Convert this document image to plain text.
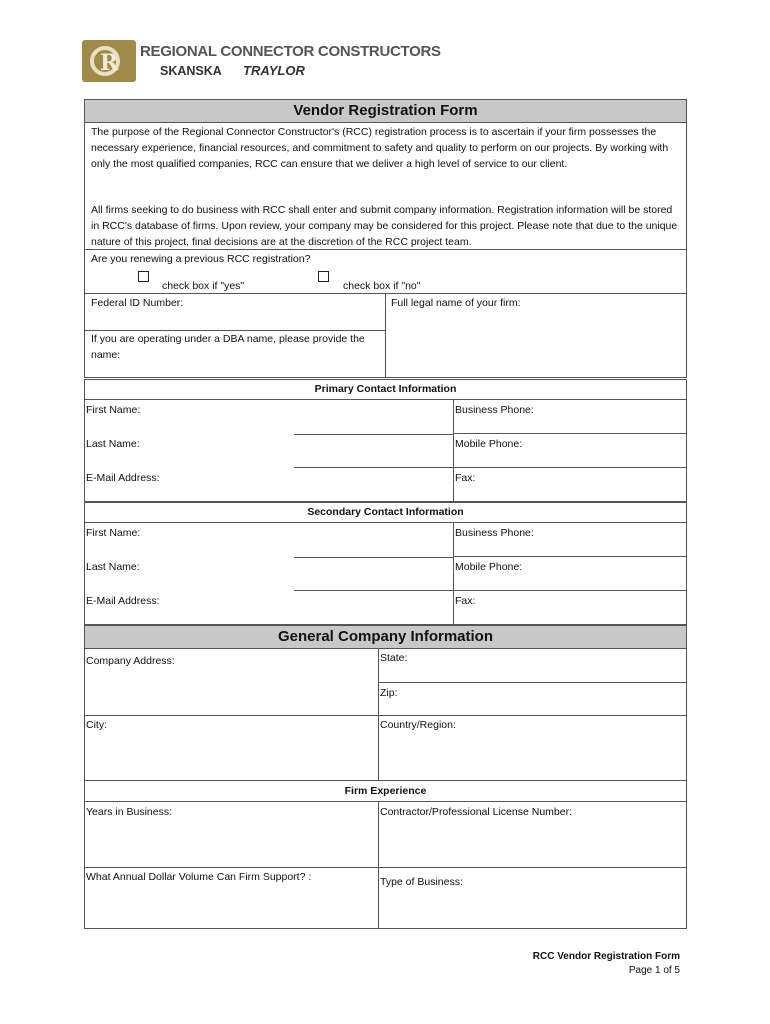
R REGIONAL CONNECTOR CONSTRUCTORS
SKANSKA TRAYLOR
Vendor Registration Form
The purpose of the Regional Connector Constructor's (RCC) registration process is to ascertain if your firm possesses the necessary experience, financial resources, and commitment to safety and quality to perform on our projects. By working with only the most qualified companies, RCC can ensure that we deliver a high level of service to our client.
All firms seeking to do business with RCC shall enter and submit company information. Registration information will be stored in RCC's database of firms. Upon review, your company may be considered for this project. Please note that due to the unique nature of this project, final decisions are at the discretion of the RCC project team.
Are you renewing a previous RCC registration?
check box if "yes"	check box if "no"
Federal ID Number:	Full legal name of your firm:
If you are operating under a DBA name, please provide the name:
Primary Contact Information
First Name:	Business Phone:
Last Name:	Mobile Phone:
E-Mail Address:	Fax:
Secondary Contact Information
First Name:	Business Phone:
Last Name:	Mobile Phone:
E-Mail Address:	Fax:
General Company Information
Company Address:	State:
Zip:
City:	Country/Region:
Firm Experience
Years in Business:	Contractor/Professional License Number:
What Annual Dollar Volume Can Firm Support? :	Type of Business:
RCC Vendor Registration Form
Page 1 of 5
